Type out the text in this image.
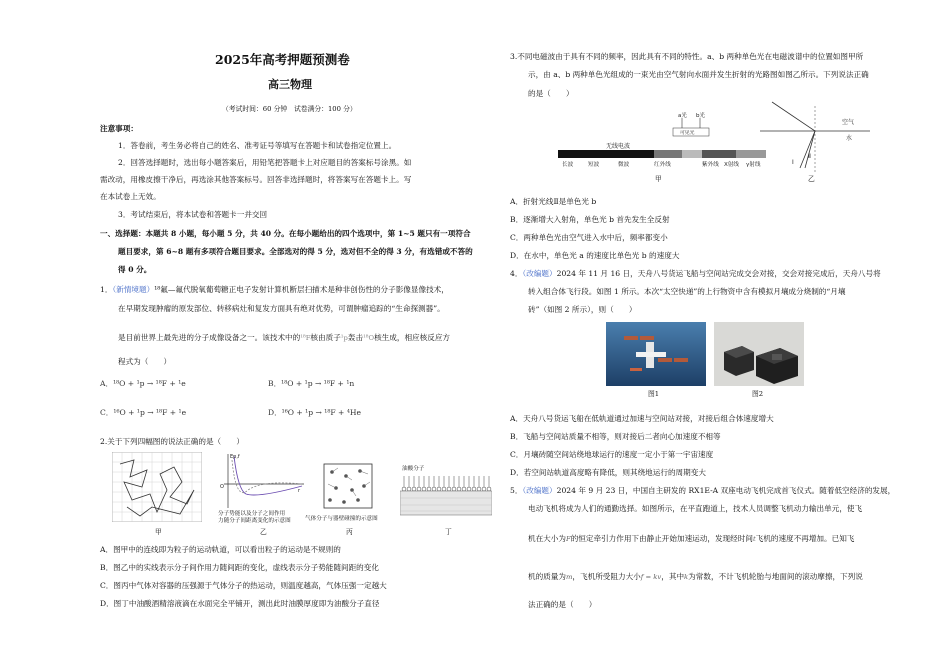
2025年高考押题预测卷
高三物理
（考试时间：60 分钟　试卷满分：100 分）
注意事项：
1．答卷前，考生务必将自己的姓名、准考证号等填写在答题卡和试卷指定位置上。
2．回答选择题时，选出每小题答案后，用铅笔把答题卡上对应题目的答案标号涂黑。如
需改动，用橡皮擦干净后，再选涂其他答案标号。回答非选择题时，将答案写在答题卡上。写
在本试卷上无效。
3．考试结束后，将本试卷和答题卡一并交回
一、选择题：本题共 8 小题，每小题 5 分，共 40 分。在每小题给出的四个选项中，第 1~5 题只有一项符合
题目要求，第 6~8 题有多项符合题目要求。全部选对的得 5 分，选对但不全的得 3 分，有选错或不答的
得 0 分。
1．（新情境题）¹⁸氟—氟代脱氧葡萄糖正电子发射计算机断层扫描术是种非创伤性的分子影像显像技术，
在早期发现肿瘤的原发部位、转移病灶和复发方面具有绝对优势，可谓肿瘤追踪的“生命探测器”。
是目前世界上最先进的分子成像设备之一。该技术中的¹⁸F核由质子¹p轰击¹⁸O核生成，相应核反应方
程式为（　　）
A．¹⁸O + ¹p → ¹⁸F + ¹e	B．¹⁸O + ¹p → ¹⁸F + ¹n
C．¹⁶O + ¹p → ¹⁸F + ¹e	D．¹⁶O + ¹p → ¹⁸F + ⁴He
2.关于下列四幅图的说法正确的是（　　）
甲
Ep,f
r
O
分子势能以及分子之间作用
力随分子间距离变化的示意图
乙
气体分子与器壁碰撞的示意图
丙
油酸分子
丁
A．图甲中的连线即为粒子的运动轨道，可以看出粒子的运动是不规则的
B．图乙中的实线表示分子间作用力随间距的变化，虚线表示分子势能随间距的变化
C．图丙中气体对容器的压强源于气体分子的热运动，则温度越高，气体压强一定越大
D．图丁中油酸酒精溶液滴在水面完全平铺开，测出此时油膜厚度即为油酸分子直径
3.不同电磁波由于具有不同的频率，因此具有不同的特性。a、b 两种单色光在电磁波谱中的位置如图甲所
示，由 a、b 两种单色光组成的一束光由空气射向水面并发生折射的光路图如图乙所示。下列说法正确
的是（　　）
a光 b光
可见光
无线电波
长波	短波	微波	红外线	紫外线 X射线 γ射线
甲
空气
水
Ⅰ
Ⅱ
乙
A．折射光线Ⅱ是单色光 b
B．逐渐增大入射角，单色光 b 首先发生全反射
C．两种单色光由空气进入水中后，频率都变小
D．在水中，单色光 a 的速度比单色光 b 的速度大
4．（改编题）2024 年 11 月 16 日，天舟八号货运飞船与空间站完成交会对接，交会对接完成后，天舟八号将
转入组合体飞行段。如图 1 所示。本次“太空快递”的上行物资中含有模拟月壤成分烧制的“月壤
砖”（如图 2 所示），则（　　）
图1	图2
A．天舟八号货运飞船在低轨道通过加速与空间站对接，对接后组合体速度增大
B．飞船与空间站质量不相等，则对接后二者向心加速度不相等
C．月壤砖随空间站绕地球运行的速度一定小于第一宇宙速度
D．若空间站轨道高度略有降低，则其绕地运行的周期变大
5．（改编题）2024 年 9 月 23 日，中国自主研发的 RX1E-A 双座电动飞机完成首飞仪式。随着低空经济的发展，
电动飞机将成为人们的通勤选择。如图所示，在平直跑道上，技术人员调整飞机动力输出单元，使飞
机在大小为F的恒定牵引力作用下由静止开始加速运动，发现经时间t飞机的速度不再增加。已知飞
机的质量为m，飞机所受阻力大小f = kv，其中k为常数，不计飞机轮胎与地面间的滚动摩擦，下列说
法正确的是（　　）
